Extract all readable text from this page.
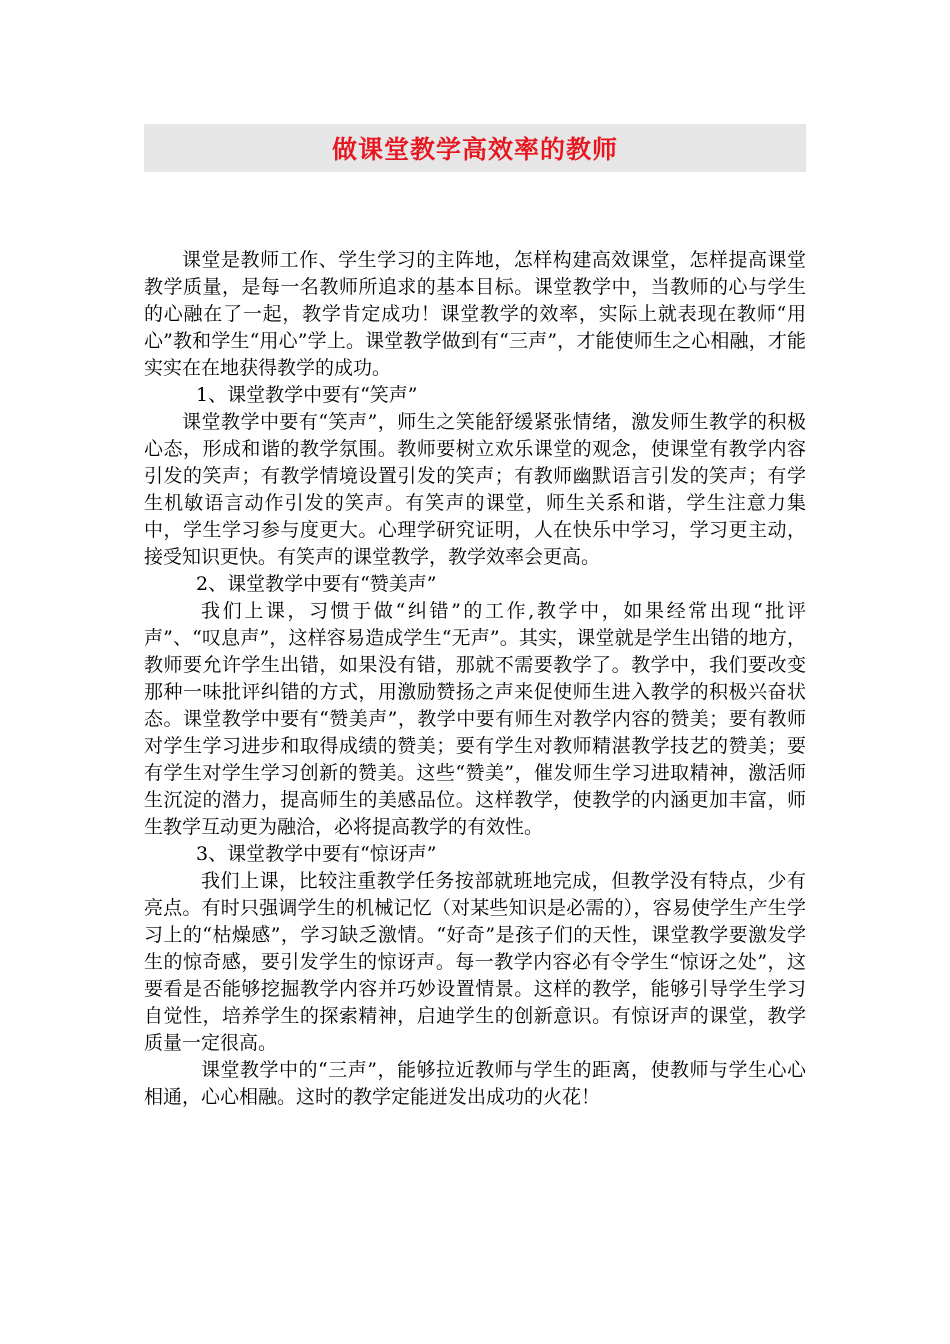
做课堂教学高效率的教师

课堂是教师工作、学生学习的主阵地，怎样构建高效课堂，怎样提高课堂教学质量，是每一名教师所追求的基本目标。课堂教学中，当教师的心与学生的心融在了一起，教学肯定成功！课堂教学的效率，实际上就表现在教师“用心”教和学生“用心”学上。课堂教学做到有“三声”，才能使师生之心相融，才能实实在在地获得教学的成功。

1、课堂教学中要有“笑声”

课堂教学中要有“笑声”，师生之笑能舒缓紧张情绪，激发师生教学的积极心态，形成和谐的教学氛围。教师要树立欢乐课堂的观念，使课堂有教学内容引发的笑声；有教学情境设置引发的笑声；有教师幽默语言引发的笑声；有学生机敏语言动作引发的笑声。有笑声的课堂，师生关系和谐，学生注意力集中，学生学习参与度更大。心理学研究证明，人在快乐中学习，学习更主动，接受知识更快。有笑声的课堂教学，教学效率会更高。

2、课堂教学中要有“赞美声”

我们上课，习惯于做“纠错”的工作,教学中，如果经常出现“批评声”、“叹息声”，这样容易造成学生“无声”。其实，课堂就是学生出错的地方，教师要允许学生出错，如果没有错，那就不需要教学了。教学中，我们要改变那种一味批评纠错的方式，用激励赞扬之声来促使师生进入教学的积极兴奋状态。课堂教学中要有“赞美声”，教学中要有师生对教学内容的赞美；要有教师对学生学习进步和取得成绩的赞美；要有学生对教师精湛教学技艺的赞美；要有学生对学生学习创新的赞美。这些“赞美”，催发师生学习进取精神，激活师生沉淀的潜力，提高师生的美感品位。这样教学，使教学的内涵更加丰富，师生教学互动更为融洽，必将提高教学的有效性。

3、课堂教学中要有“惊讶声”

我们上课，比较注重教学任务按部就班地完成，但教学没有特点，少有亮点。有时只强调学生的机械记忆（对某些知识是必需的），容易使学生产生学习上的“枯燥感”，学习缺乏激情。“好奇”是孩子们的天性，课堂教学要激发学生的惊奇感，要引发学生的惊讶声。每一教学内容必有令学生“惊讶之处”，这要看是否能够挖掘教学内容并巧妙设置情景。这样的教学，能够引导学生学习自觉性，培养学生的探索精神，启迪学生的创新意识。有惊讶声的课堂，教学质量一定很高。

课堂教学中的“三声”，能够拉近教师与学生的距离，使教师与学生心心相通，心心相融。这时的教学定能迸发出成功的火花！
